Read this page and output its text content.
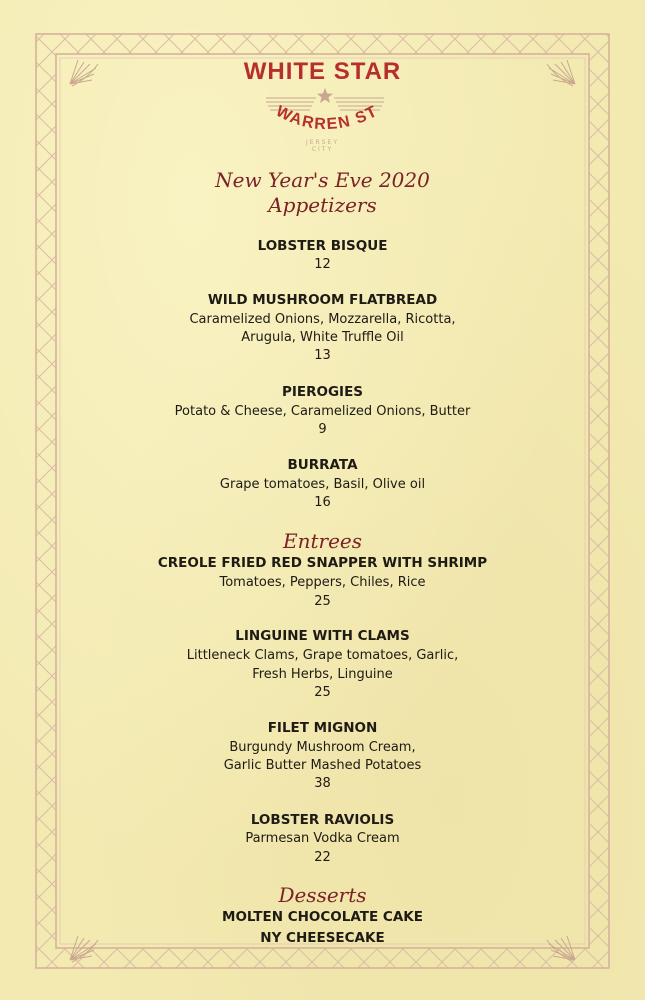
WARREN ST
WHITE STAR
JERSEY
CITY
New Year's Eve 2020
Appetizers
LOBSTER BISQUE
12
WILD MUSHROOM FLATBREAD
Caramelized Onions, Mozzarella, Ricotta,
Arugula, White Truffle Oil
13
PIEROGIES
Potato & Cheese, Caramelized Onions, Butter
9
BURRATA
Grape tomatoes, Basil, Olive oil
16
Entrees
CREOLE FRIED RED SNAPPER WITH SHRIMP
Tomatoes, Peppers, Chiles, Rice
25
LINGUINE WITH CLAMS
Littleneck Clams, Grape tomatoes, Garlic,
Fresh Herbs, Linguine
25
FILET MIGNON
Burgundy Mushroom Cream,
Garlic Butter Mashed Potatoes
38
LOBSTER RAVIOLIS
Parmesan Vodka Cream
22
Desserts
MOLTEN CHOCOLATE CAKE
NY CHEESECAKE
